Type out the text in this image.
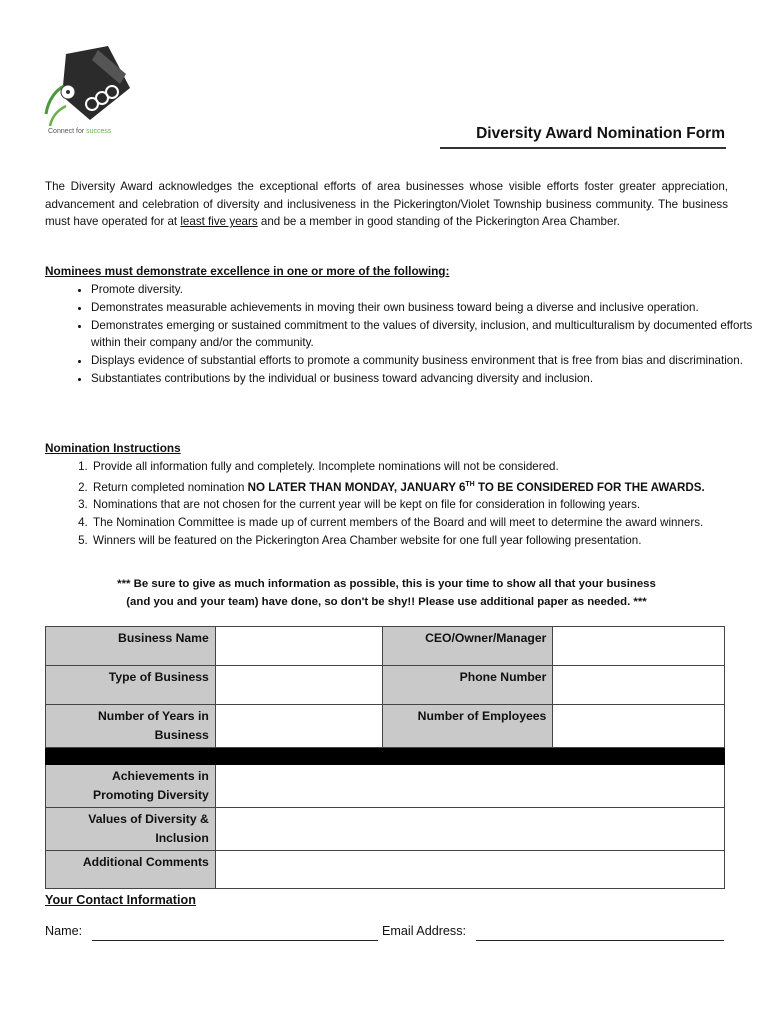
Connect for success	Diversity Award Nomination Form
The Diversity Award acknowledges the exceptional efforts of area businesses whose visible efforts foster greater appreciation, advancement and celebration of diversity and inclusiveness in the Pickerington/Violet Township business community. The business must have operated for at least five years and be a member in good standing of the Pickerington Area Chamber.
Nominees must demonstrate excellence in one or more of the following:
• Promote diversity.
• Demonstrates measurable achievements in moving their own business toward being a diverse and inclusive operation.
• Demonstrates emerging or sustained commitment to the values of diversity, inclusion, and multiculturalism by documented efforts within their company and/or the community.
• Displays evidence of substantial efforts to promote a community business environment that is free from bias and discrimination.
• Substantiates contributions by the individual or business toward advancing diversity and inclusion.
Nomination Instructions
1. Provide all information fully and completely. Incomplete nominations will not be considered.
2. Return completed nomination NO LATER THAN MONDAY, JANUARY 6TH TO BE CONSIDERED FOR THE AWARDS.
3. Nominations that are not chosen for the current year will be kept on file for consideration in following years.
4. The Nomination Committee is made up of current members of the Board and will meet to determine the award winners.
5. Winners will be featured on the Pickerington Area Chamber website for one full year following presentation.
*** Be sure to give as much information as possible, this is your time to show all that your business
(and you and your team) have done, so don't be shy!! Please use additional paper as needed. ***
Business Name		CEO/Owner/Manager	
Type of Business		Phone Number	

Number of Years in
Business		Number of Employees	

Achievements in
Promoting Diversity			

Values of Diversity &
Inclusion			

Additional Comments			
Your Contact Information
Name:	Email Address:
